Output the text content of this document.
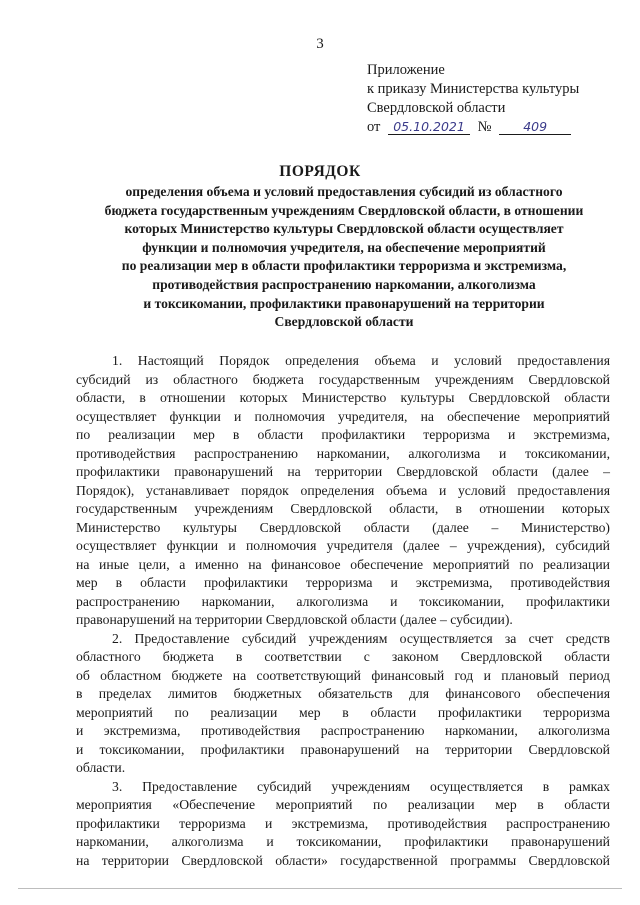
3
Приложение
к приказу Министерства культуры
Свердловской области
от 05.10.2021 №	409
ПОРЯДОК
определения объема и условий предоставления субсидий из областного
бюджета государственным учреждениям Свердловской области, в отношении
которых Министерство культуры Свердловской области осуществляет
функции и полномочия учредителя, на обеспечение мероприятий
по реализации мер в области профилактики терроризма и экстремизма,
противодействия распространению наркомании, алкоголизма
и токсикомании, профилактики правонарушений на территории
Свердловской области
1. Настоящий Порядок определения объема и условий предоставления
субсидий из областного бюджета государственным учреждениям Свердловской
области, в отношении которых Министерство культуры Свердловской области
осуществляет функции и полномочия учредителя, на обеспечение мероприятий
по реализации мер в области профилактики терроризма и экстремизма,
противодействия распространению наркомании, алкоголизма и токсикомании,
профилактики правонарушений на территории Свердловской области (далее –
Порядок), устанавливает порядок определения объема и условий предоставления
государственным учреждениям Свердловской области, в отношении которых
Министерство культуры Свердловской области (далее – Министерство)
осуществляет функции и полномочия учредителя (далее – учреждения), субсидий
на иные цели, а именно на финансовое обеспечение мероприятий по реализации
мер в области профилактики терроризма и экстремизма, противодействия
распространению наркомании, алкоголизма и токсикомании, профилактики
правонарушений на территории Свердловской области (далее – субсидии).
2. Предоставление субсидий учреждениям осуществляется за счет средств
областного бюджета в соответствии с законом Свердловской области
об областном бюджете на соответствующий финансовый год и плановый период
в пределах лимитов бюджетных обязательств для финансового обеспечения
мероприятий по реализации мер в области профилактики терроризма
и экстремизма, противодействия распространению наркомании, алкоголизма
и токсикомании, профилактики правонарушений на территории Свердловской
области.
3. Предоставление субсидий учреждениям осуществляется в рамках
мероприятия «Обеспечение мероприятий по реализации мер в области
профилактики терроризма и экстремизма, противодействия распространению
наркомании, алкоголизма и токсикомании, профилактики правонарушений
на территории Свердловской области» государственной программы Свердловской
